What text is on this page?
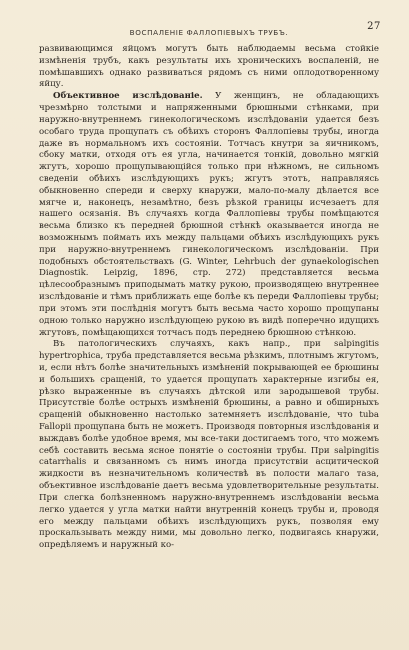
ВОСПАЛЕНІЕ ФАЛЛОПІЕВЫХЪ ТРУБЪ.
27

развивающимся яйцомъ могутъ быть наблюдаемы весьма стойкіе измѣненія трубъ, какъ результаты ихъ хроническихъ воспаленій, не помѣшавшихъ однако развиваться рядомъ съ ними оплодотворенному яйцу.

Объективное изслѣдованіе. У женщинъ, не обладающихъ чрезмѣрно толстыми и напряженными брюшными стѣнками, при наружно-внутреннемъ гинекологическомъ изслѣдованіи удается безъ особаго труда прощупать съ обѣихъ сторонъ Фаллопіевы трубы, иногда даже въ нормальномъ ихъ состояніи. Тотчасъ кнутри за яичникомъ, сбоку матки, отходя отъ ея угла, начинается тонкій, довольно мягкій жгутъ, хорошо прощупывающійся только при нѣжномъ, не сильномъ сведеніи обѣихъ изслѣдующихъ рукъ; жгутъ этотъ, направляясь обыкновенно спереди и сверху кнаружи, мало-по-малу дѣлается все мягче и, наконецъ, незамѣтно, безъ рѣзкой границы исчезаетъ для нашего осязанія. Въ случаяхъ когда Фаллопіевы трубы помѣщаются весьма близко къ передней брюшной стѣнкѣ оказывается иногда не возможнымъ поймать ихъ между пальцами обѣихъ изслѣдующихъ рукъ при наружно-внутреннемъ гинекологическомъ изслѣдованіи. При подобныхъ обстоятельствахъ (G. Winter, Lehrbuch der gynaekologischen Diagnostik. Leipzig, 1896, стр. 272) представляется весьма цѣлесообразнымъ приподымать матку рукою, производящею внутреннее изслѣдованіе и тѣмъ приближать еще болѣе къ переди Фаллопіевы трубы; при этомъ эти послѣднія могутъ быть весьма часто хорошо прощупаны одною только наружно изслѣдующею рукою въ видѣ поперечно идущихъ жгутовъ, помѣщающихся тотчасъ подъ переднею брюшною стѣнкою.

Въ патологическихъ случаяхъ, какъ напр., при salpingitis hypertrophica, труба представляется весьма рѣзкимъ, плотнымъ жгутомъ, и, если нѣтъ болѣе значительныхъ измѣненій покрывающей ее брюшины и большихъ сращеній, то удается прощупать характерные изгибы ея, рѣзко выраженные въ случаяхъ дѣтской или зародышевой трубы. Присутствіе болѣе острыхъ измѣненій брюшины, а равно и обширныхъ сращеній обыкновенно настолько затемняетъ изслѣдованіе, что tuba Fallopii прощупана быть не можетъ. Производя повторныя изслѣдованія и выждавъ болѣе удобное время, мы все-таки достигаемъ того, что можемъ себѣ составить весьма ясное понятіе о состояніи трубы. При salpingitis catarrhalis и связанномъ съ нимъ иногда присутствіи асцитической жидкости въ незначительномъ количествѣ въ полости малаго таза, объективное изслѣдованіе даетъ весьма удовлетворительные результаты. При слегка болѣзненномъ наружно-внутреннемъ изслѣдованіи весьма легко удается у угла матки найти внутренній конецъ трубы и, проводя его между пальцами обѣихъ изслѣдующихъ рукъ, позволяя ему проскальзывать между ними, мы довольно легко, подвигаясь кнаружи, опредѣляемъ и наружный ко-
